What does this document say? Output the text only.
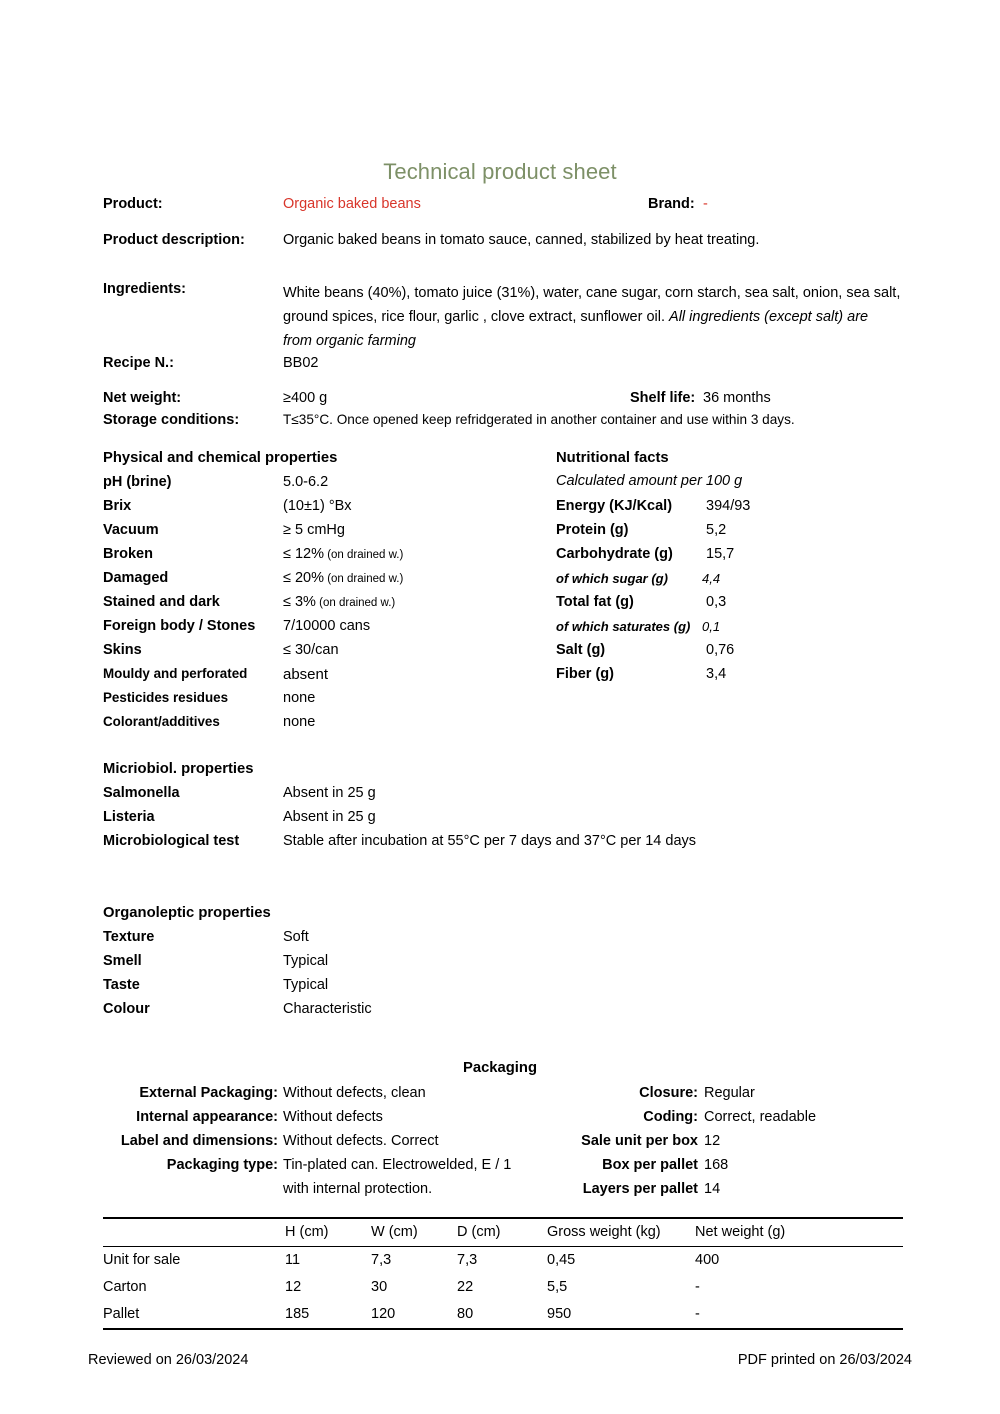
Technical product sheet
Product:	Organic baked beans	Brand: -
Product description:	Organic baked beans in tomato sauce, canned, stabilized by heat treating.
Ingredients:	White beans (40%), tomato juice (31%), water, cane sugar, corn starch, sea salt, onion, sea salt, ground spices, rice flour, garlic , clove extract, sunflower oil. All ingredients (except salt) are from organic farming
Recipe N.:	BB02
Net weight:	≥400 g	Shelf life: 36 months
Storage conditions:	T≤35°C. Once opened keep refridgerated in another container and use within 3 days.
Physical and chemical properties
pH (brine)	5.0-6.2
Brix	(10±1) °Bx
Vacuum	≥ 5 cmHg
Broken	≤ 12% (on drained w.)
Damaged	≤ 20% (on drained w.)
Stained and dark	≤ 3% (on drained w.)
Foreign body / Stones 7/10000 cans
Skins	≤ 30/can
Mouldy and perforated absent
Pesticides residues	none
Colorant/additives	none
Nutritional facts
Calculated amount per 100 g
Energy (KJ/Kcal) 394/93
Protein (g)	5,2
Carbohydrate (g) 15,7
of which sugar (g)	4,4
Total fat (g)	0,3
of which saturates (g) 0,1
Salt (g)	0,76
Fiber (g)	3,4
Micriobiol. properties
Salmonella	Absent in 25 g
Listeria	Absent in 25 g
Microbiological test	Stable after incubation at 55°C per 7 days and 37°C per 14 days
Organoleptic properties
Texture	Soft
Smell	Typical
Taste	Typical
Colour	Characteristic
Packaging
External Packaging: Without defects, clean
Internal appearance: Without defects
Label and dimensions: Without defects. Correct
Packaging type: Tin-plated can. Electrowelded, E / 1
with internal protection.
Closure: Regular
Coding: Correct, readable
Sale unit per box 12
Box per pallet 168
Layers per pallet 14
	H (cm)	W (cm)	D (cm)	Gross weight (kg)	Net weight (g)	
Unit for sale	11	7,3	7,3	0,45	400	
Carton	12	30	22	5,5	-	
Pallet	185	120	80	950	-	
Reviewed on 26/03/2024	PDF printed on 26/03/2024
